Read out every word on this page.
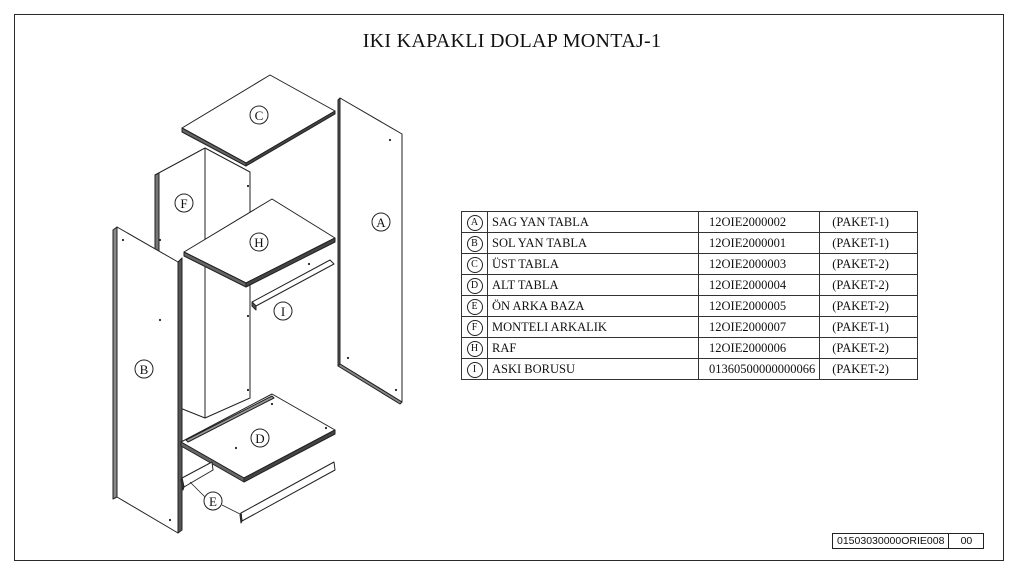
IKI KAPAKLI DOLAP MONTAJ-1
C
F
A
H
I
B
D
E
A	SAG YAN TABLA	12OIE2000002	(PAKET-1)
B	SOL YAN TABLA	12OIE2000001	(PAKET-1)
C	ÜST TABLA	12OIE2000003	(PAKET-2)
D	ALT TABLA	12OIE2000004	(PAKET-2)
E	ÖN ARKA BAZA	12OIE2000005	(PAKET-2)
F	MONTELI ARKALIK	12OIE2000007	(PAKET-1)
H	RAF	12OIE2000006	(PAKET-2)
I	ASKI BORUSU	01360500000000066	(PAKET-2)
01503030000ORIE008	00
